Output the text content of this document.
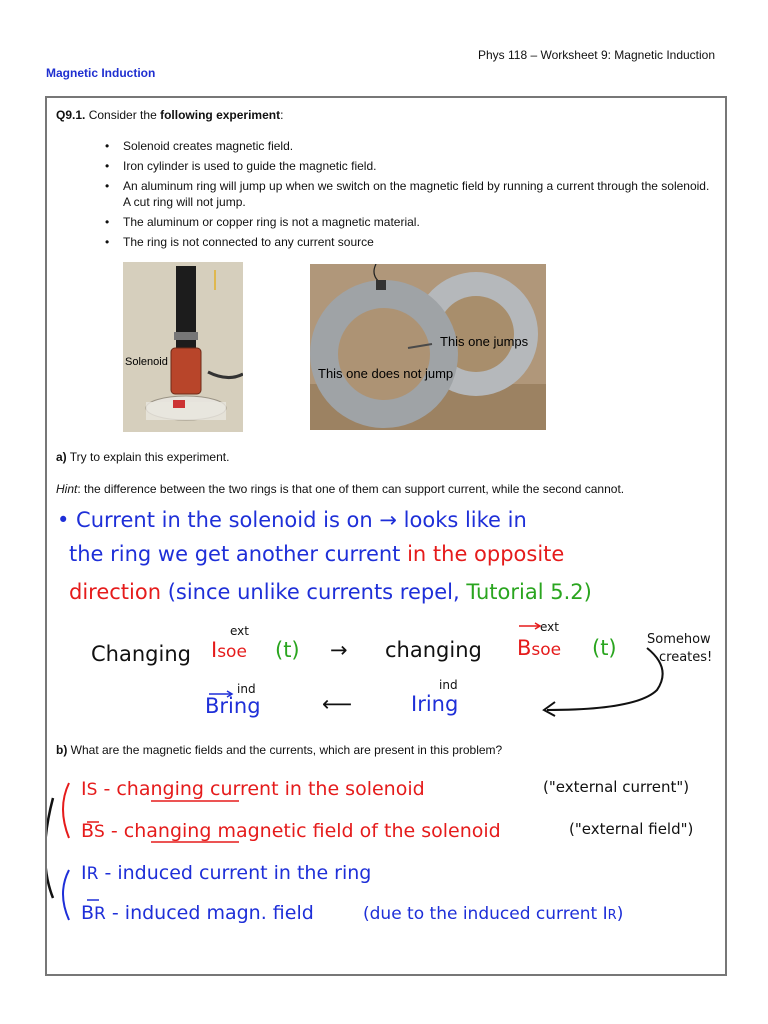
Phys 118 – Worksheet 9: Magnetic Induction
Magnetic Induction
Q9.1. Consider the following experiment:
• Solenoid creates magnetic field.
• Iron cylinder is used to guide the magnetic field.
• An aluminum ring will jump up when we switch on the magnetic field by running a current through the solenoid. A cut ring will not jump.
• The aluminum or copper ring is not a magnetic material.
• The ring is not connected to any current source
Solenoid
This one jumps
This one does not jump
a) Try to explain this experiment.
Hint: the difference between the two rings is that one of them can support current, while the second cannot.
• Current in the solenoid is on → looks like in
the ring we get another current in the opposite
direction (since unlike currents repel, Tutorial 5.2)
Changing Isoe
ext
(t) → changing Bsoe
ext
(t) Somehow
creates!
Bring
ind
⟵	Iring
ind
b) What are the magnetic fields and the currents, which are present in this problem?
IS - changing current in the solenoid	("external current")
BS - changing magnetic field of the solenoid	("external field")
IR - induced current in the ring
BR - induced magn. field	(due to the induced current IR)
